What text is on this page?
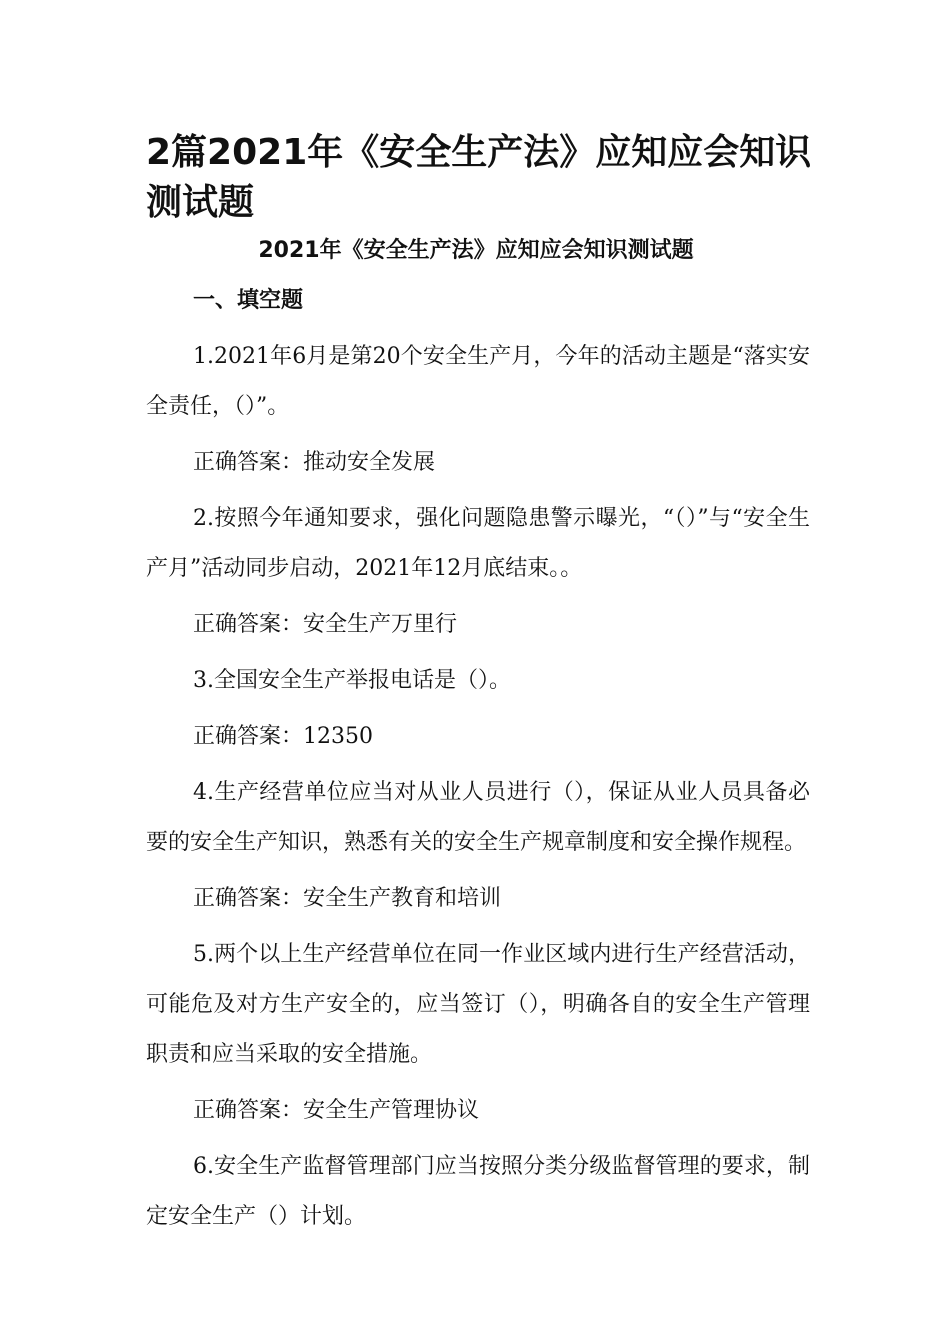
2篇2021年《安全生产法》应知应会知识测试题
2021年《安全生产法》应知应会知识测试题
一、填空题

1.2021年6月是第20个安全生产月，今年的活动主题是“落实安全责任，（）”。

正确答案：推动安全发展

2.按照今年通知要求，强化问题隐患警示曝光，“（）”与“安全生产月”活动同步启动，2021年12月底结束。。

正确答案：安全生产万里行

3.全国安全生产举报电话是（）。

正确答案：12350

4.生产经营单位应当对从业人员进行（），保证从业人员具备必要的安全生产知识，熟悉有关的安全生产规章制度和安全操作规程。

正确答案：安全生产教育和培训

5.两个以上生产经营单位在同一作业区域内进行生产经营活动，可能危及对方生产安全的，应当签订（），明确各自的安全生产管理职责和应当采取的安全措施。

正确答案：安全生产管理协议

6.安全生产监督管理部门应当按照分类分级监督管理的要求，制定安全生产（）计划。
